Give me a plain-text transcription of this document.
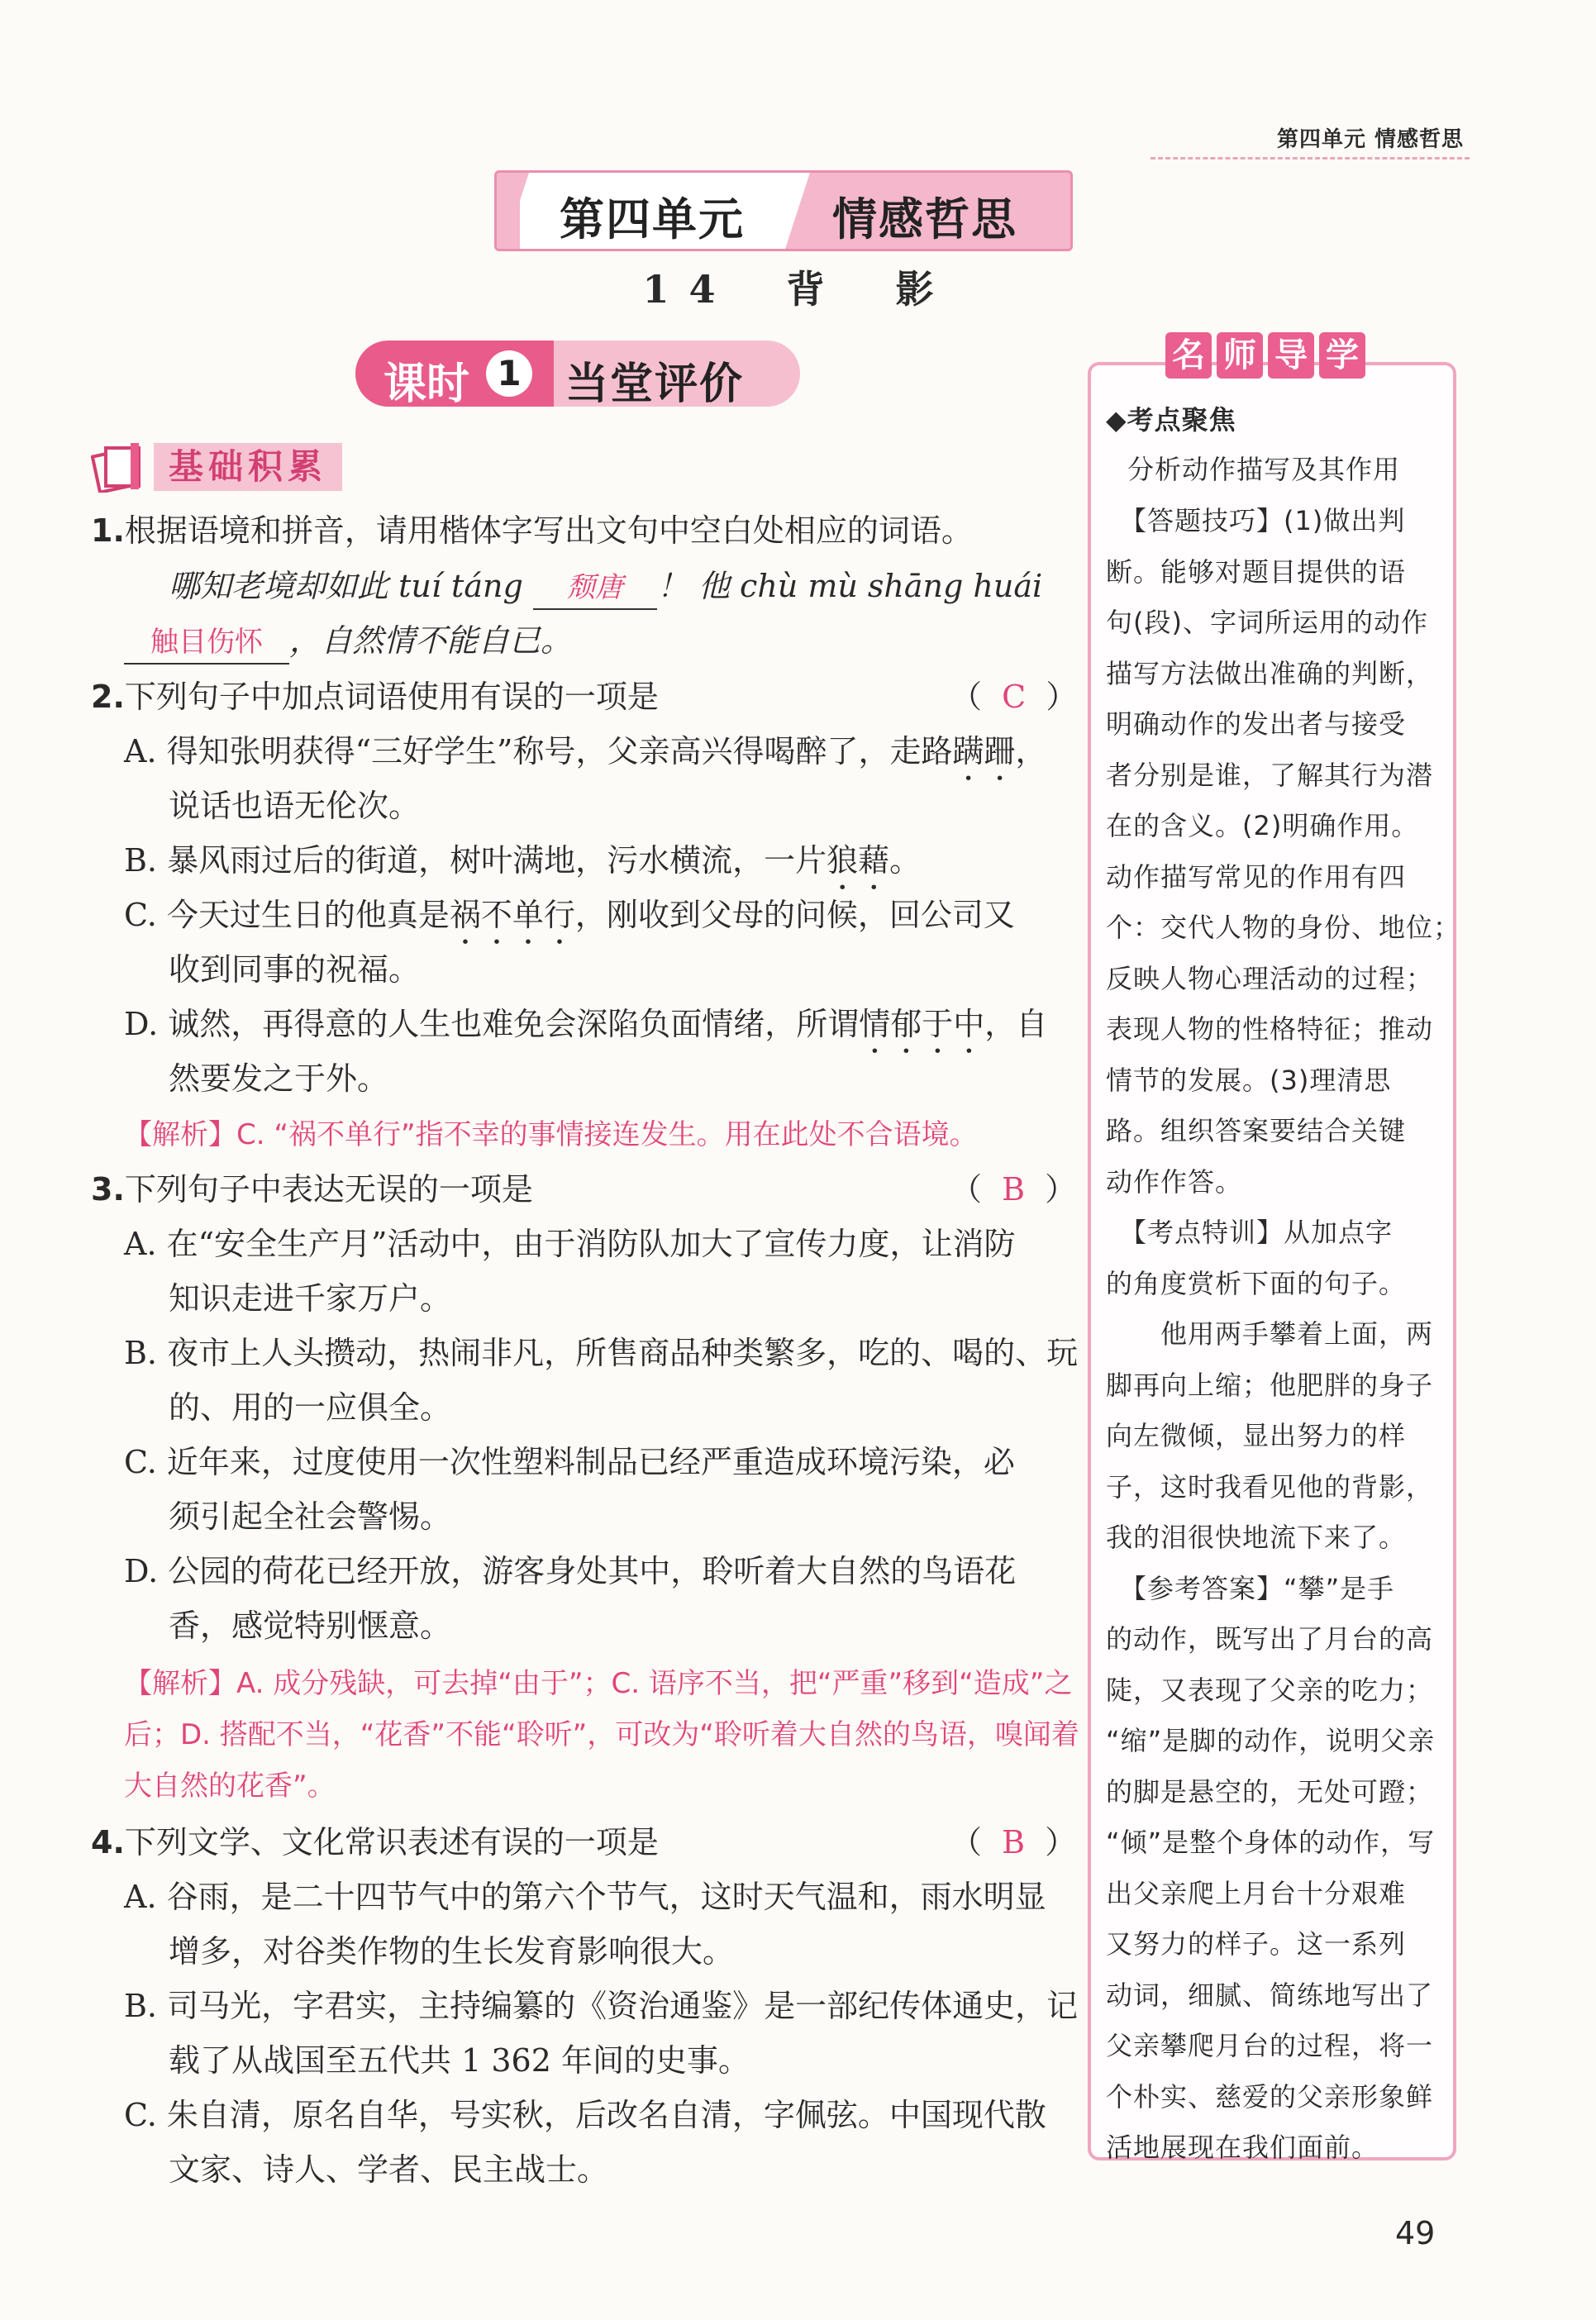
第四单元 情感哲思
第四单元 情感哲思
14 背 影
课时 1 当堂评价
基础积累
1.根据语境和拼音，请用楷体字写出文句中空白处相应的词语。
哪知老境却如此 tuí táng 颓唐 ！ 他 chù mù shāng huái
触目伤怀 ，自然情不能自已。
2.下列句子中加点词语使用有误的一项是	（  C  ）
A. 得知张明获得“三好学生”称号，父亲高兴得喝醉了，走路蹒跚，
说话也语无伦次。
B. 暴风雨过后的街道，树叶满地，污水横流，一片狼藉。
C. 今天过生日的他真是祸不单行，刚收到父母的问候，回公司又
收到同事的祝福。
D. 诚然，再得意的人生也难免会深陷负面情绪，所谓情郁于中，自
然要发之于外。
【解析】C. “祸不单行”指不幸的事情接连发生。用在此处不合语境。
3.下列句子中表达无误的一项是	（  B  ）
A. 在“安全生产月”活动中，由于消防队加大了宣传力度，让消防
知识走进千家万户。
B. 夜市上人头攒动，热闹非凡，所售商品种类繁多，吃的、喝的、玩
的、用的一应俱全。
C. 近年来，过度使用一次性塑料制品已经严重造成环境污染，必
须引起全社会警惕。
D. 公园的荷花已经开放，游客身处其中，聆听着大自然的鸟语花
香，感觉特别惬意。
【解析】A. 成分残缺，可去掉“由于”；C. 语序不当，把“严重”移到“造成”之
后；D. 搭配不当，“花香”不能“聆听”，可改为“聆听着大自然的鸟语，嗅闻着
大自然的花香”。
4.下列文学、文化常识表述有误的一项是	（  B  ）
A. 谷雨，是二十四节气中的第六个节气，这时天气温和，雨水明显
增多，对谷类作物的生长发育影响很大。
B. 司马光，字君实，主持编纂的《资治通鉴》是一部纪传体通史，记
载了从战国至五代共 1 362 年间的史事。
C. 朱自清，原名自华，号实秋，后改名自清，字佩弦。中国现代散
文家、诗人、学者、民主战士。
名 师 导 学
◆考点聚焦
分析动作描写及其作用
　【答题技巧】(1)做出判
断。能够对题目提供的语
句(段)、字词所运用的动作
描写方法做出准确的判断，
明确动作的发出者与接受
者分别是谁，了解其行为潜
在的含义。(2)明确作用。
动作描写常见的作用有四
个：交代人物的身份、地位；
反映人物心理活动的过程；
表现人物的性格特征；推动
情节的发展。(3)理清思
路。组织答案要结合关键
动作作答。
　【考点特训】从加点字
的角度赏析下面的句子。
　　他用两手攀着上面，两
脚再向上缩；他肥胖的身子
向左微倾，显出努力的样
子，这时我看见他的背影，
我的泪很快地流下来了。
　【参考答案】“攀”是手
的动作，既写出了月台的高
陡，又表现了父亲的吃力；
“缩”是脚的动作，说明父亲
的脚是悬空的，无处可蹬；
“倾”是整个身体的动作，写
出父亲爬上月台十分艰难
又努力的样子。这一系列
动词，细腻、简练地写出了
父亲攀爬月台的过程，将一
个朴实、慈爱的父亲形象鲜
活地展现在我们面前。
49
